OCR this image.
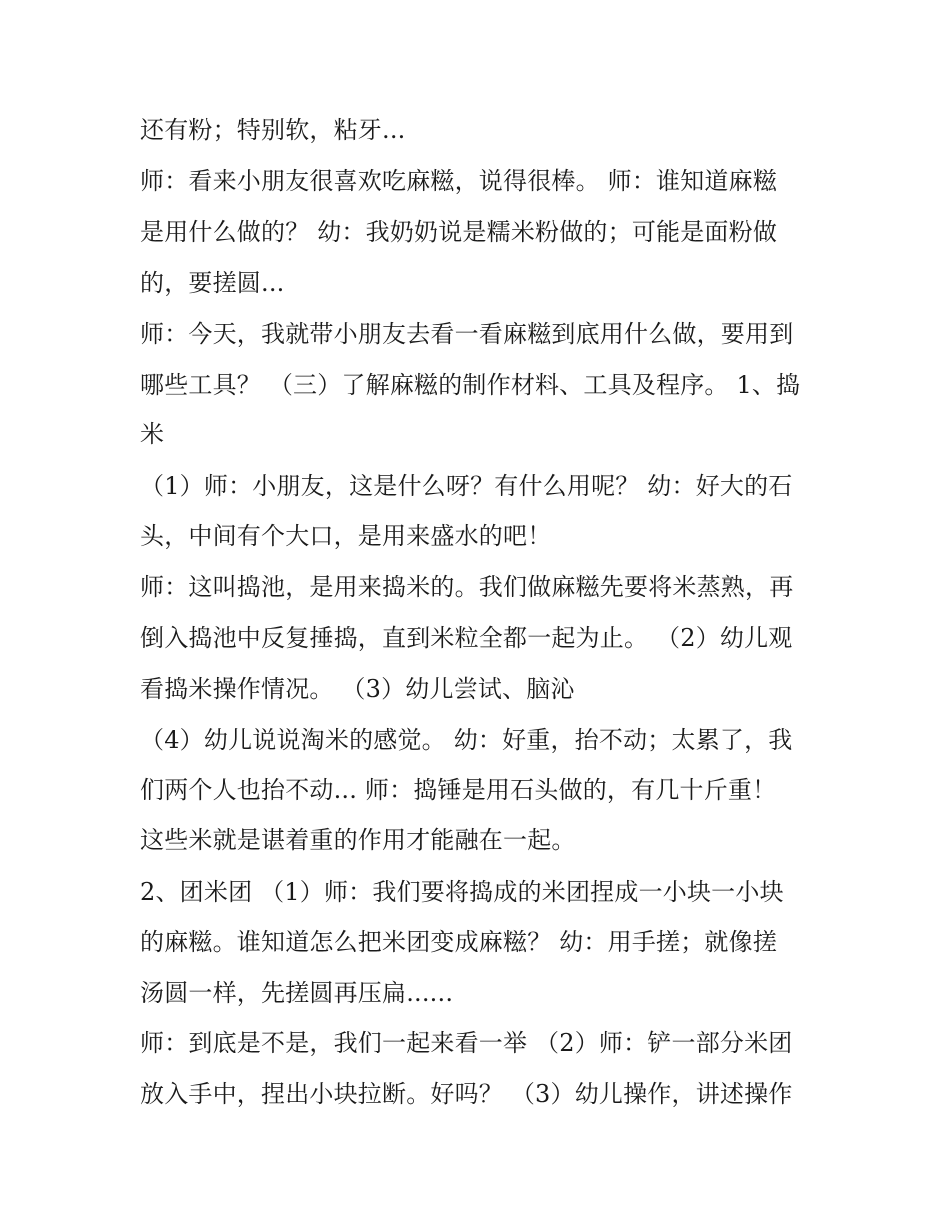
还有粉；特别软，粘牙...
师：看来小朋友很喜欢吃麻糍，说得很棒。 师：谁知道麻糍
是用什么做的？ 幼：我奶奶说是糯米粉做的；可能是面粉做
的，要搓圆...
师：今天，我就带小朋友去看一看麻糍到底用什么做，要用到
哪些工具？ （三）了解麻糍的制作材料、工具及程序。 1、捣
米
（1）师：小朋友，这是什么呀？有什么用呢？ 幼：好大的石
头，中间有个大口，是用来盛水的吧！
师：这叫捣池，是用来捣米的。我们做麻糍先要将米蒸熟，再
倒入捣池中反复捶捣，直到米粒全都一起为止。 （2）幼儿观
看捣米操作情况。 （3）幼儿尝试、脑沁
（4）幼儿说说淘米的感觉。 幼：好重，抬不动；太累了，我
们两个人也抬不动... 师：捣锤是用石头做的，有几十斤重！
这些米就是谌着重的作用才能融在一起。
2、团米团 （1）师：我们要将捣成的米团捏成一小块一小块
的麻糍。谁知道怎么把米团变成麻糍？ 幼：用手搓；就像搓
汤圆一样，先搓圆再压扁......
师：到底是不是，我们一起来看一举 （2）师：铲一部分米团
放入手中，捏出小块拉断。好吗？ （3）幼儿操作，讲述操作
